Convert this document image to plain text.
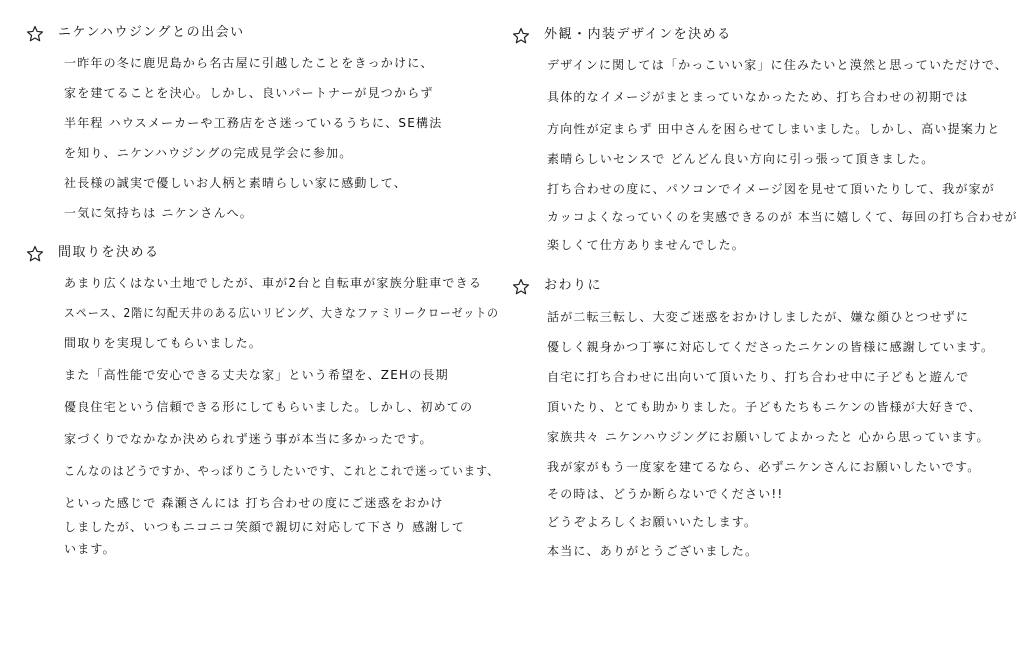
ニケンハウジングとの出会い
一昨年の冬に鹿児島から名古屋に引越したことをきっかけに、
家を建てることを決心。しかし、良いパートナーが見つからず
半年程 ハウスメーカーや工務店をさ迷っているうちに、SE構法
を知り、ニケンハウジングの完成見学会に参加。
社長様の誠実で優しいお人柄と素晴らしい家に感動して、
一気に気持ちは ニケンさんへ。
間取りを決める
あまり広くはない土地でしたが、車が2台と自転車が家族分駐車できる
スペース、2階に勾配天井のある広いリビング、大きなファミリークローゼットの
間取りを実現してもらいました。
また「高性能で安心できる丈夫な家」という希望を、ZEHの長期
優良住宅という信頼できる形にしてもらいました。しかし、初めての
家づくりでなかなか決められず迷う事が本当に多かったです。
こんなのはどうですか、やっぱりこうしたいです、これとこれで迷っています、
といった感じで 森瀬さんには 打ち合わせの度にご迷惑をおかけ
しましたが、いつもニコニコ笑顔で親切に対応して下さり 感謝して
います。
外観・内装デザインを決める
デザインに関しては「かっこいい家」に住みたいと漠然と思っていただけで、
具体的なイメージがまとまっていなかったため、打ち合わせの初期では
方向性が定まらず 田中さんを困らせてしまいました。しかし、高い提案力と
素晴らしいセンスで どんどん良い方向に引っ張って頂きました。
打ち合わせの度に、パソコンでイメージ図を見せて頂いたりして、我が家が
カッコよくなっていくのを実感できるのが 本当に嬉しくて、毎回の打ち合わせが
楽しくて仕方ありませんでした。
おわりに
話が二転三転し、大変ご迷惑をおかけしましたが、嫌な顔ひとつせずに
優しく親身かつ丁寧に対応してくださったニケンの皆様に感謝しています。
自宅に打ち合わせに出向いて頂いたり、打ち合わせ中に子どもと遊んで
頂いたり、とても助かりました。子どもたちもニケンの皆様が大好きで、
家族共々 ニケンハウジングにお願いしてよかったと 心から思っています。
我が家がもう一度家を建てるなら、必ずニケンさんにお願いしたいです。
その時は、どうか断らないでください!!
どうぞよろしくお願いいたします。
本当に、ありがとうございました。
